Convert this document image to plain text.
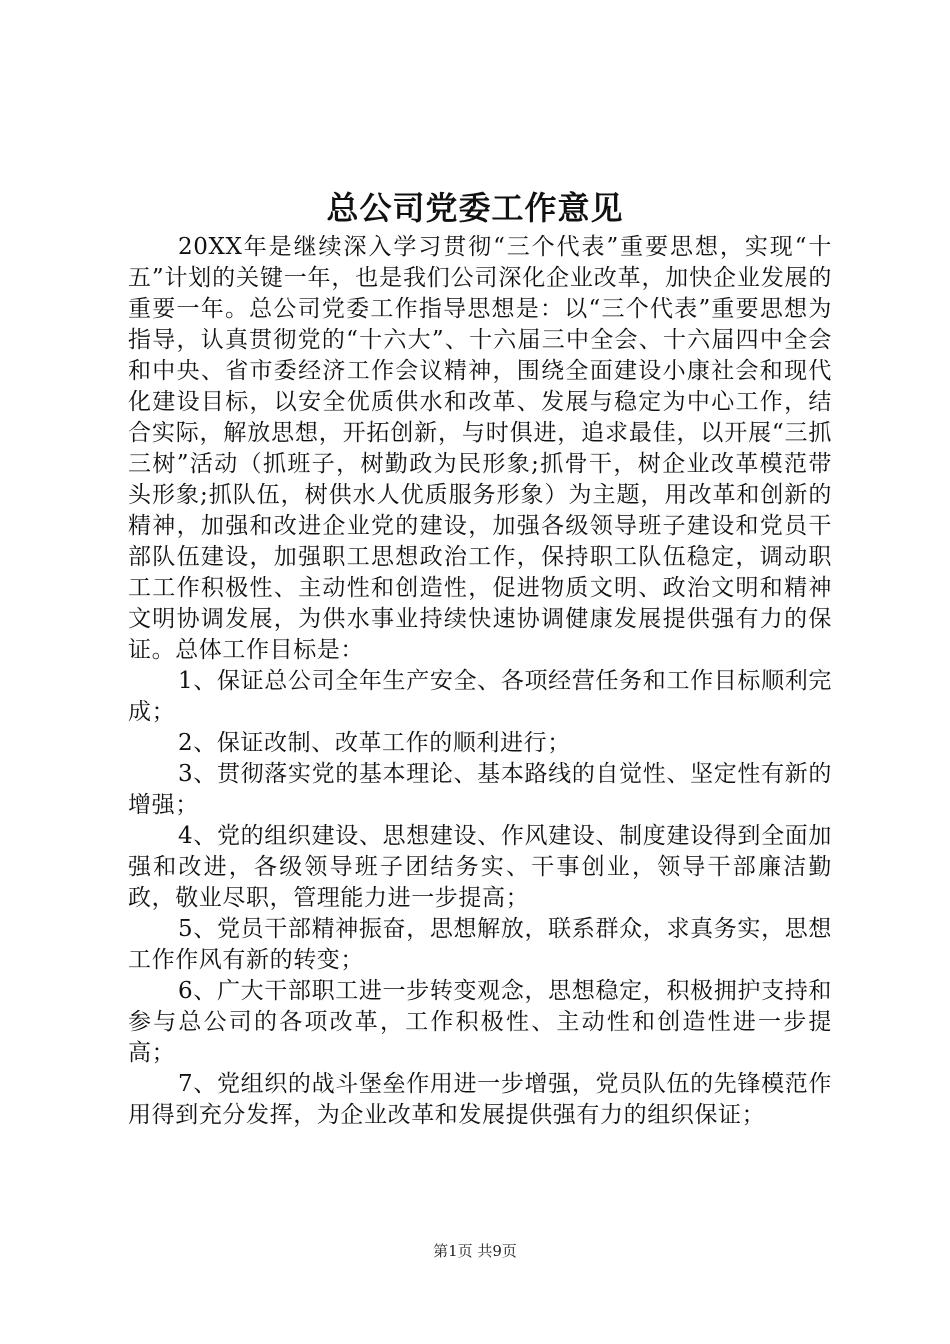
总公司党委工作意见

20XX年是继续深入学习贯彻“三个代表”重要思想，实现“十五”计划的关键一年，也是我们公司深化企业改革，加快企业发展的重要一年。总公司党委工作指导思想是：以“三个代表”重要思想为指导，认真贯彻党的“十六大”、十六届三中全会、十六届四中全会和中央、省市委经济工作会议精神，围绕全面建设小康社会和现代化建设目标，以安全优质供水和改革、发展与稳定为中心工作，结合实际，解放思想，开拓创新，与时俱进，追求最佳，以开展“三抓三树”活动（抓班子，树勤政为民形象;抓骨干，树企业改革模范带头形象;抓队伍，树供水人优质服务形象）为主题，用改革和创新的精神，加强和改进企业党的建设，加强各级领导班子建设和党员干部队伍建设，加强职工思想政治工作，保持职工队伍稳定，调动职工工作积极性、主动性和创造性，促进物质文明、政治文明和精神文明协调发展，为供水事业持续快速协调健康发展提供强有力的保证。总体工作目标是：

1、保证总公司全年生产安全、各项经营任务和工作目标顺利完成；

2、保证改制、改革工作的顺利进行；

3、贯彻落实党的基本理论、基本路线的自觉性、坚定性有新的增强；

4、党的组织建设、思想建设、作风建设、制度建设得到全面加强和改进，各级领导班子团结务实、干事创业，领导干部廉洁勤政，敬业尽职，管理能力进一步提高；

5、党员干部精神振奋，思想解放，联系群众，求真务实，思想工作作风有新的转变；

6、广大干部职工进一步转变观念，思想稳定，积极拥护支持和参与总公司的各项改革，工作积极性、主动性和创造性进一步提高；

7、党组织的战斗堡垒作用进一步增强，党员队伍的先锋模范作用得到充分发挥，为企业改革和发展提供强有力的组织保证；

第1页 共9页
